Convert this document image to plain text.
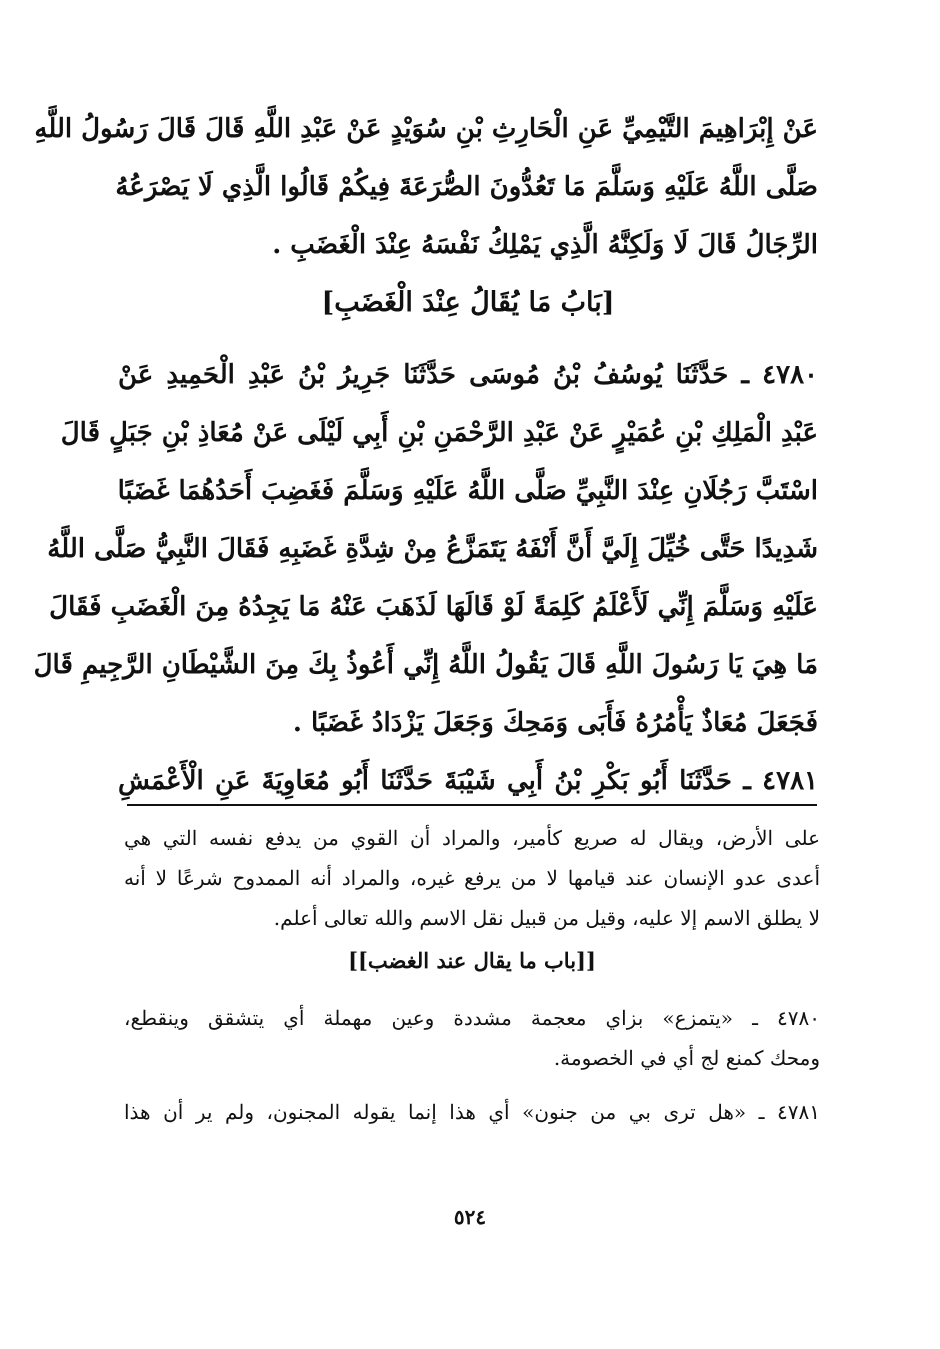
عَنْ إِبْرَاهِيمَ التَّيْمِيِّ عَنِ الْحَارِثِ بْنِ سُوَيْدٍ عَنْ عَبْدِ اللَّهِ قَالَ قَالَ رَسُولُ اللَّهِ
صَلَّى اللَّهُ عَلَيْهِ وَسَلَّمَ مَا تَعُدُّونَ الصُّرَعَةَ فِيكُمْ قَالُوا الَّذِي لَا يَصْرَعُهُ
الرِّجَالُ قَالَ لَا وَلَكِنَّهُ الَّذِي يَمْلِكُ نَفْسَهُ عِنْدَ الْغَضَبِ .
[بَابُ مَا يُقَالُ عِنْدَ الْغَضَبِ]
٤٧٨٠ ـ حَدَّثَنَا يُوسُفُ بْنُ مُوسَى حَدَّثَنَا جَرِيرُ بْنُ عَبْدِ الْحَمِيدِ عَنْ
عَبْدِ الْمَلِكِ بْنِ عُمَيْرٍ عَنْ عَبْدِ الرَّحْمَنِ بْنِ أَبِي لَيْلَى عَنْ مُعَاذِ بْنِ جَبَلٍ قَالَ
اسْتَبَّ رَجُلَانِ عِنْدَ النَّبِيِّ صَلَّى اللَّهُ عَلَيْهِ وَسَلَّمَ فَغَضِبَ أَحَدُهُمَا غَضَبًا
شَدِيدًا حَتَّى خُيِّلَ إِلَيَّ أَنَّ أَنْفَهُ يَتَمَزَّعُ مِنْ شِدَّةِ غَضَبِهِ فَقَالَ النَّبِيُّ صَلَّى اللَّهُ
عَلَيْهِ وَسَلَّمَ إِنِّي لَأَعْلَمُ كَلِمَةً لَوْ قَالَهَا لَذَهَبَ عَنْهُ مَا يَجِدُهُ مِنَ الْغَضَبِ فَقَالَ
مَا هِيَ يَا رَسُولَ اللَّهِ قَالَ يَقُولُ اللَّهُ إِنِّي أَعُوذُ بِكَ مِنَ الشَّيْطَانِ الرَّجِيمِ قَالَ
فَجَعَلَ مُعَاذٌ يَأْمُرُهُ فَأَبَى وَمَحِكَ وَجَعَلَ يَزْدَادُ غَضَبًا .
٤٧٨١ ـ حَدَّثَنَا أَبُو بَكْرِ بْنُ أَبِي شَيْبَةَ حَدَّثَنَا أَبُو مُعَاوِيَةَ عَنِ الْأَعْمَشِ
على الأرض، ويقال له صريع كأمير، والمراد أن القوي من يدفع نفسه التي هي
أعدى عدو الإنسان عند قيامها لا من يرفع غيره، والمراد أنه الممدوح شرعًا لا أنه
لا يطلق الاسم إلا عليه، وقيل من قبيل نقل الاسم والله تعالى أعلم.
[[باب ما يقال عند الغضب]]
٤٧٨٠ ـ «يتمزع» بزاي معجمة مشددة وعين مهملة أي يتشقق وينقطع،
ومحك كمنع لج أي في الخصومة.
٤٧٨١ ـ «هل ترى بي من جنون» أي هذا إنما يقوله المجنون، ولم ير أن هذا
٥٢٤
